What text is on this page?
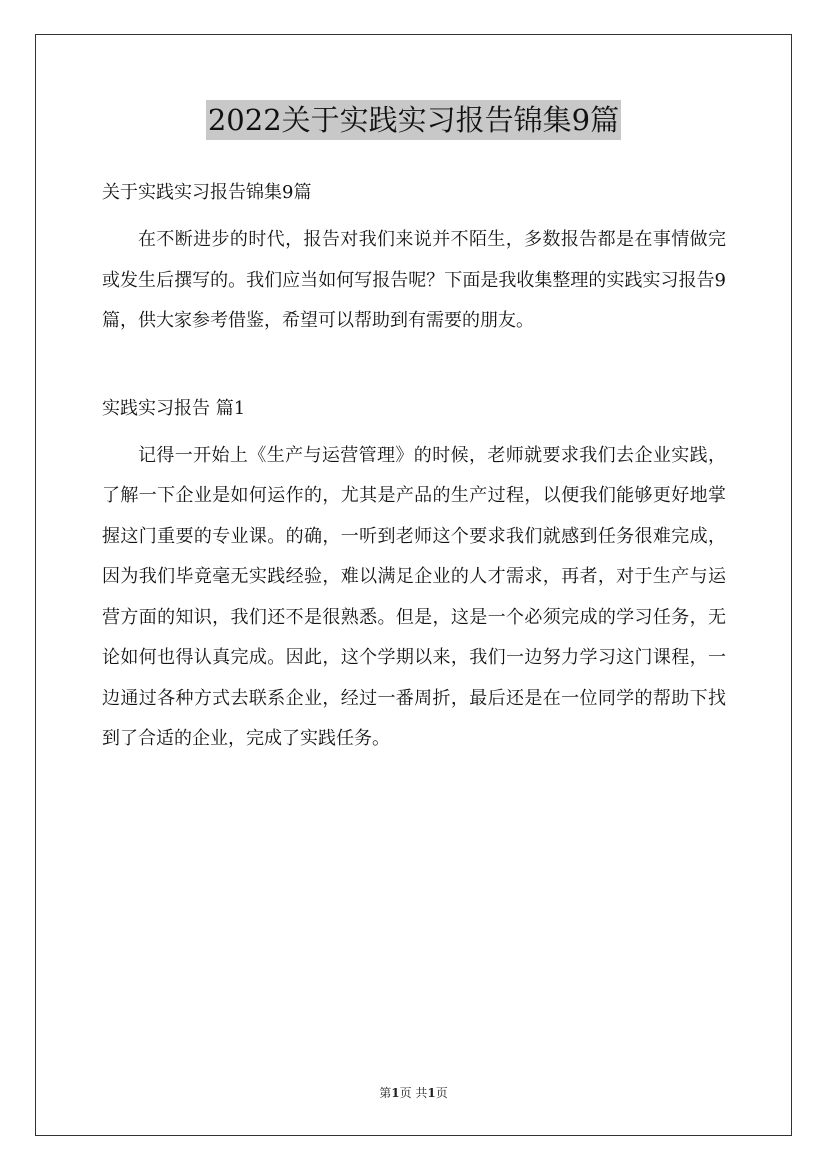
2022关于实践实习报告锦集9篇

关于实践实习报告锦集9篇

在不断进步的时代，报告对我们来说并不陌生，多数报告都是在事情做完或发生后撰写的。我们应当如何写报告呢？下面是我收集整理的实践实习报告9篇，供大家参考借鉴，希望可以帮助到有需要的朋友。

实践实习报告 篇1

记得一开始上《生产与运营管理》的时候，老师就要求我们去企业实践，了解一下企业是如何运作的，尤其是产品的生产过程，以便我们能够更好地掌握这门重要的专业课。的确，一听到老师这个要求我们就感到任务很难完成，因为我们毕竟毫无实践经验，难以满足企业的人才需求，再者，对于生产与运营方面的知识，我们还不是很熟悉。但是，这是一个必须完成的学习任务，无论如何也得认真完成。因此，这个学期以来，我们一边努力学习这门课程，一边通过各种方式去联系企业，经过一番周折，最后还是在一位同学的帮助下找到了合适的企业，完成了实践任务。

第1页 共1页
